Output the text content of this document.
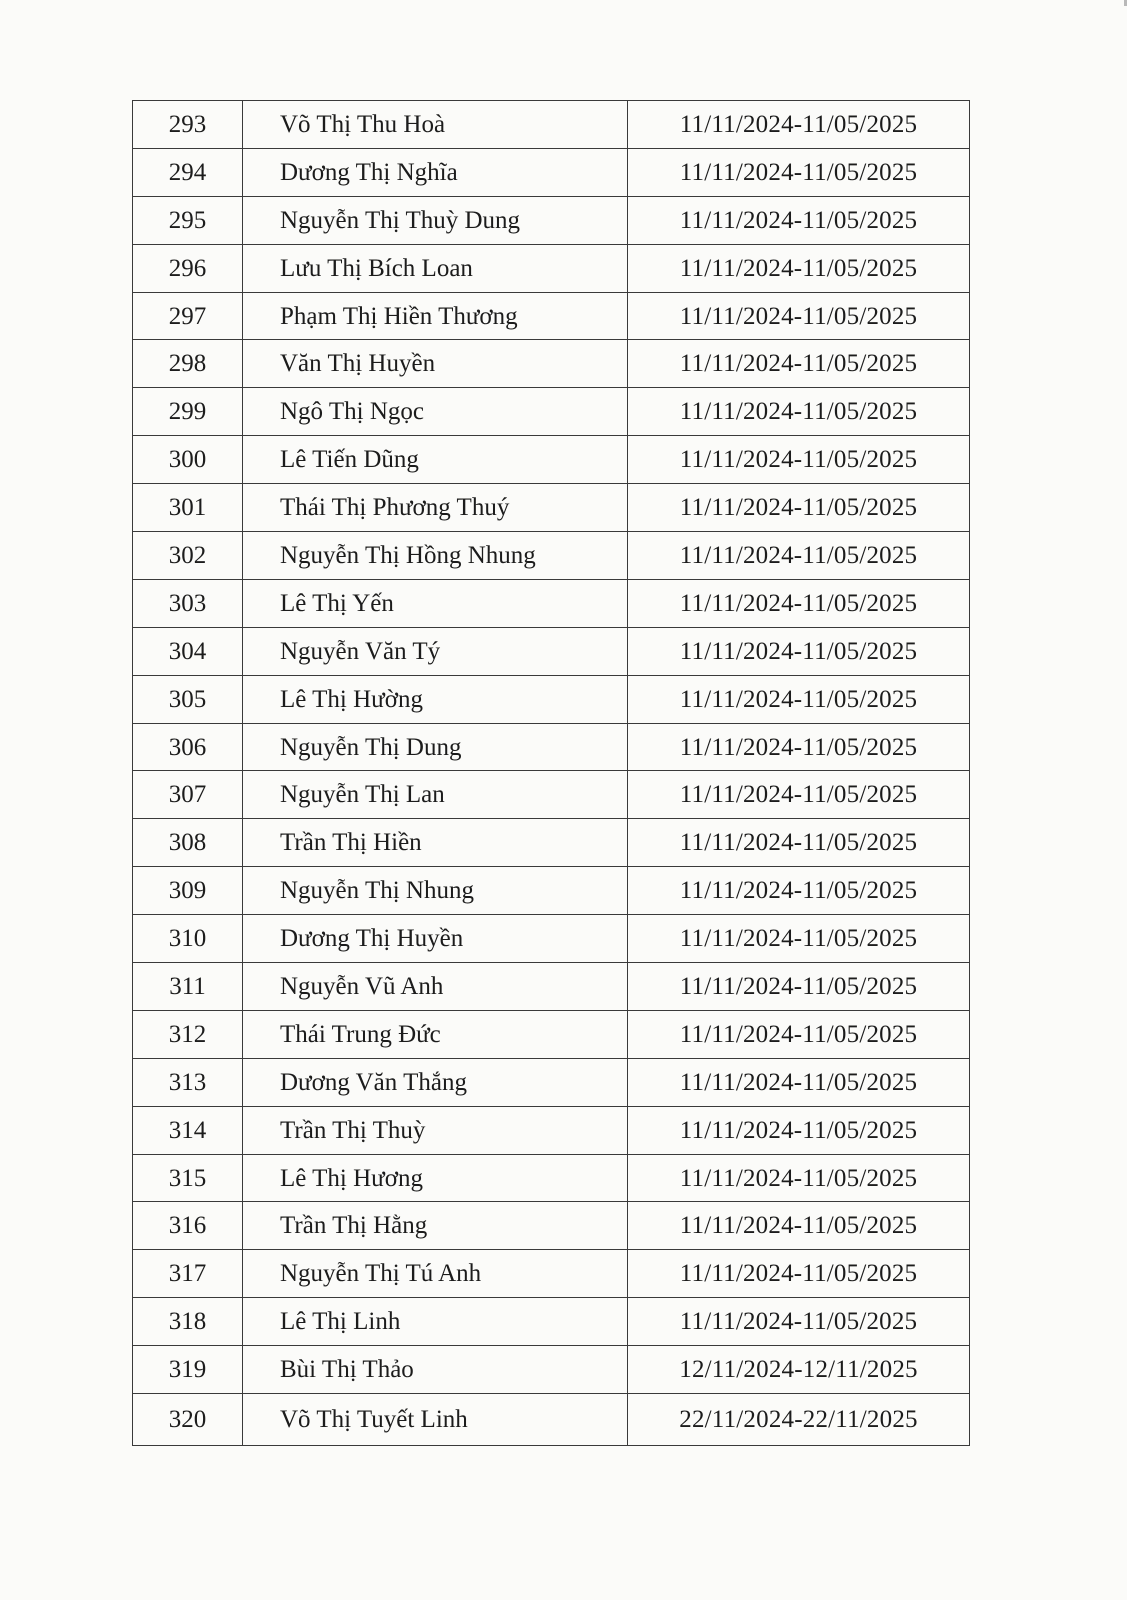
293	Võ Thị Thu Hoà	11/11/2024-11/05/2025
294	Dương Thị Nghĩa	11/11/2024-11/05/2025
295	Nguyễn Thị Thuỳ Dung	11/11/2024-11/05/2025
296	Lưu Thị Bích Loan	11/11/2024-11/05/2025
297	Phạm Thị Hiền Thương	11/11/2024-11/05/2025
298	Văn Thị Huyền	11/11/2024-11/05/2025
299	Ngô Thị Ngọc	11/11/2024-11/05/2025
300	Lê Tiến Dũng	11/11/2024-11/05/2025
301	Thái Thị Phương Thuý	11/11/2024-11/05/2025
302	Nguyễn Thị Hồng Nhung	11/11/2024-11/05/2025
303	Lê Thị Yến	11/11/2024-11/05/2025
304	Nguyễn Văn Tý	11/11/2024-11/05/2025
305	Lê Thị Hường	11/11/2024-11/05/2025
306	Nguyễn Thị Dung	11/11/2024-11/05/2025
307	Nguyễn Thị Lan	11/11/2024-11/05/2025
308	Trần Thị Hiền	11/11/2024-11/05/2025
309	Nguyễn Thị Nhung	11/11/2024-11/05/2025
310	Dương Thị Huyền	11/11/2024-11/05/2025
311	Nguyễn Vũ Anh	11/11/2024-11/05/2025
312	Thái Trung Đức	11/11/2024-11/05/2025
313	Dương Văn Thắng	11/11/2024-11/05/2025
314	Trần Thị Thuỳ	11/11/2024-11/05/2025
315	Lê Thị Hương	11/11/2024-11/05/2025
316	Trần Thị Hằng	11/11/2024-11/05/2025
317	Nguyễn Thị Tú Anh	11/11/2024-11/05/2025
318	Lê Thị Linh	11/11/2024-11/05/2025
319	Bùi Thị Thảo	12/11/2024-12/11/2025
320	Võ Thị Tuyết Linh	22/11/2024-22/11/2025
